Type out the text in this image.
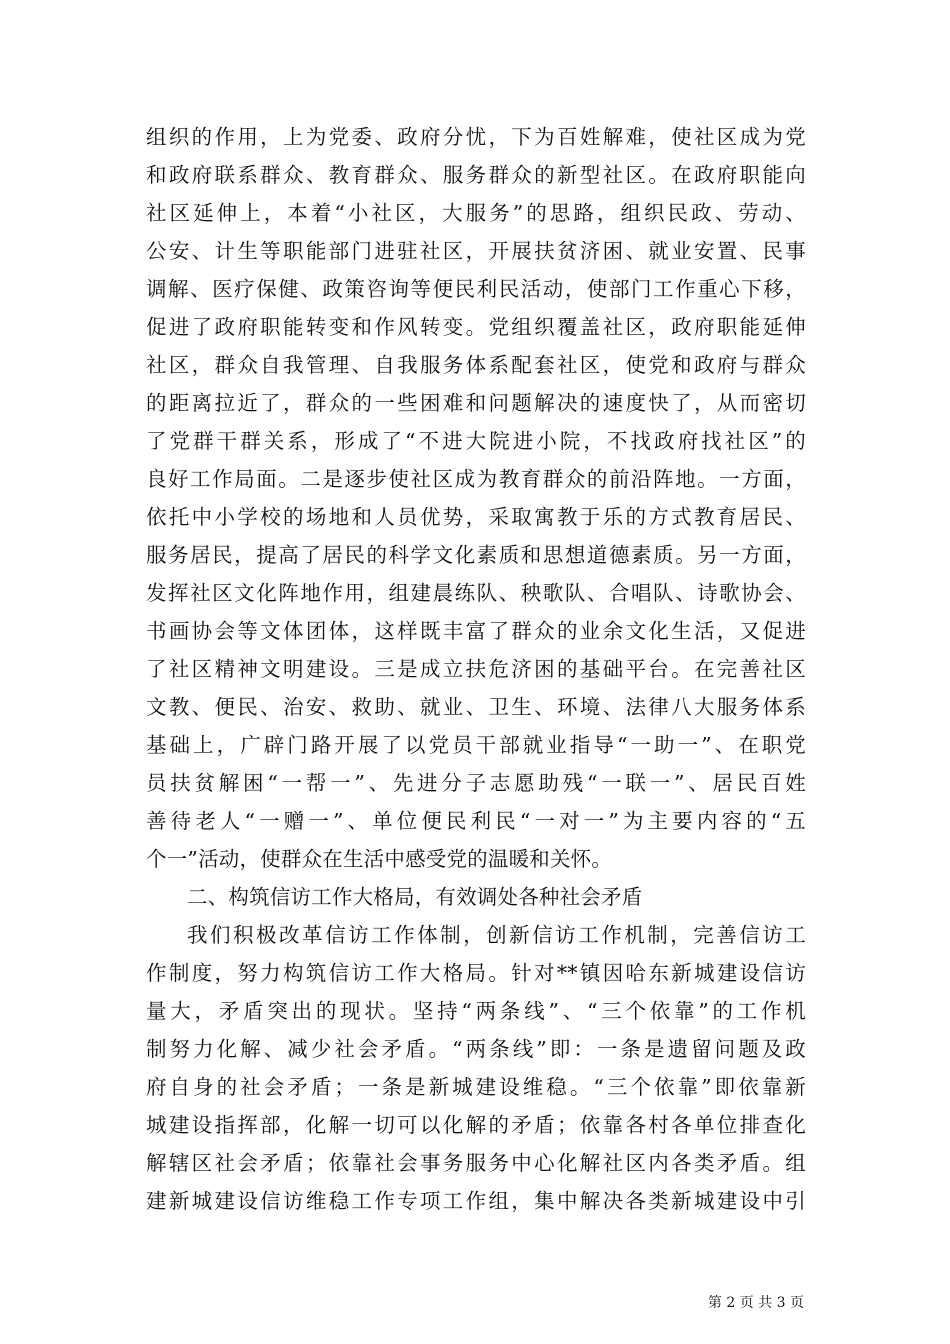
组织的作用，上为党委、政府分忧，下为百姓解难，使社区成为党
和政府联系群众、教育群众、服务群众的新型社区。在政府职能向
社区延伸上，本着“小社区，大服务”的思路，组织民政、劳动、
公安、计生等职能部门进驻社区，开展扶贫济困、就业安置、民事
调解、医疗保健、政策咨询等便民利民活动，使部门工作重心下移，
促进了政府职能转变和作风转变。党组织覆盖社区，政府职能延伸
社区，群众自我管理、自我服务体系配套社区，使党和政府与群众
的距离拉近了，群众的一些困难和问题解决的速度快了，从而密切
了党群干群关系，形成了“不进大院进小院，不找政府找社区”的
良好工作局面。二是逐步使社区成为教育群众的前沿阵地。一方面，
依托中小学校的场地和人员优势，采取寓教于乐的方式教育居民、
服务居民，提高了居民的科学文化素质和思想道德素质。另一方面，
发挥社区文化阵地作用，组建晨练队、秧歌队、合唱队、诗歌协会、
书画协会等文体团体，这样既丰富了群众的业余文化生活，又促进
了社区精神文明建设。三是成立扶危济困的基础平台。在完善社区
文教、便民、治安、救助、就业、卫生、环境、法律八大服务体系
基础上，广辟门路开展了以党员干部就业指导“一助一”、在职党
员扶贫解困“一帮一”、先进分子志愿助残“一联一”、居民百姓
善待老人“一赠一”、单位便民利民“一对一”为主要内容的“五
个一”活动，使群众在生活中感受党的温暖和关怀。
二、构筑信访工作大格局，有效调处各种社会矛盾
我们积极改革信访工作体制，创新信访工作机制，完善信访工
作制度，努力构筑信访工作大格局。针对**镇因哈东新城建设信访
量大，矛盾突出的现状。坚持“两条线”、“三个依靠”的工作机
制努力化解、减少社会矛盾。“两条线”即：一条是遗留问题及政
府自身的社会矛盾；一条是新城建设维稳。“三个依靠”即依靠新
城建设指挥部，化解一切可以化解的矛盾；依靠各村各单位排查化
解辖区社会矛盾；依靠社会事务服务中心化解社区内各类矛盾。组
建新城建设信访维稳工作专项工作组，集中解决各类新城建设中引
第 2 页 共 3 页
